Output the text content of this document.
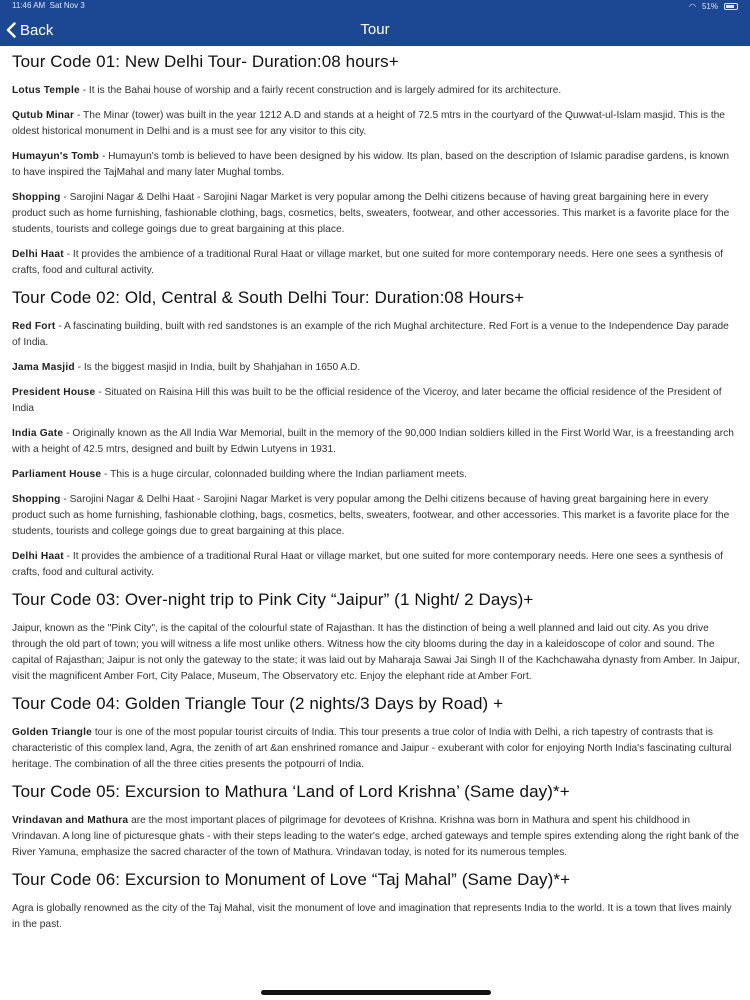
11:46 AM Sat Nov 3	◠ 51%
Back	Tour
Tour Code 01: New Delhi Tour- Duration:08 hours+

Lotus Temple - It is the Bahai house of worship and a fairly recent construction and is largely admired for its architecture.

Qutub Minar - The Minar (tower) was built in the year 1212 A.D and stands at a height of 72.5 mtrs in the courtyard of the Quwwat-ul-Islam masjid. This is the oldest historical monument in Delhi and is a must see for any visitor to this city.

Humayun's Tomb - Humayun's tomb is believed to have been designed by his widow. Its plan, based on the description of Islamic paradise gardens, is known to have inspired the TajMahal and many later Mughal tombs.

Shopping - Sarojini Nagar & Delhi Haat - Sarojini Nagar Market is very popular among the Delhi citizens because of having great bargaining here in every product such as home furnishing, fashionable clothing, bags, cosmetics, belts, sweaters, footwear, and other accessories. This market is a favorite place for the students, tourists and college goings due to great bargaining at this place.

Delhi Haat - It provides the ambience of a traditional Rural Haat or village market, but one suited for more contemporary needs. Here one sees a synthesis of crafts, food and cultural activity.

Tour Code 02: Old, Central & South Delhi Tour: Duration:08 Hours+

Red Fort - A fascinating building, built with red sandstones is an example of the rich Mughal architecture. Red Fort is a venue to the Independence Day parade of India.

Jama Masjid - Is the biggest masjid in India, built by Shahjahan in 1650 A.D.

President House - Situated on Raisina Hill this was built to be the official residence of the Viceroy, and later became the official residence of the President of India

India Gate - Originally known as the All India War Memorial, built in the memory of the 90,000 Indian soldiers killed in the First World War, is a freestanding arch with a height of 42.5 mtrs, designed and built by Edwin Lutyens in 1931.

Parliament House - This is a huge circular, colonnaded building where the Indian parliament meets.

Shopping - Sarojini Nagar & Delhi Haat - Sarojini Nagar Market is very popular among the Delhi citizens because of having great bargaining here in every product such as home furnishing, fashionable clothing, bags, cosmetics, belts, sweaters, footwear, and other accessories. This market is a favorite place for the students, tourists and college goings due to great bargaining at this place.

Delhi Haat - It provides the ambience of a traditional Rural Haat or village market, but one suited for more contemporary needs. Here one sees a synthesis of crafts, food and cultural activity.

Tour Code 03: Over-night trip to Pink City “Jaipur” (1 Night/ 2 Days)+

Jaipur, known as the "Pink City", is the capital of the colourful state of Rajasthan. It has the distinction of being a well planned and laid out city. As you drive through the old part of town; you will witness a life most unlike others. Witness how the city blooms during the day in a kaleidoscope of color and sound. The capital of Rajasthan; Jaipur is not only the gateway to the state; it was laid out by Maharaja Sawai Jai Singh II of the Kachchawaha dynasty from Amber. In Jaipur, visit the magnificent Amber Fort, City Palace, Museum, The Observatory etc. Enjoy the elephant ride at Amber Fort.

Tour Code 04: Golden Triangle Tour (2 nights/3 Days by Road) +

Golden Triangle tour is one of the most popular tourist circuits of India. This tour presents a true color of India with Delhi, a rich tapestry of contrasts that is characteristic of this complex land, Agra, the zenith of art &an enshrined romance and Jaipur - exuberant with color for enjoying North India's fascinating cultural heritage. The combination of all the three cities presents the potpourri of India.

Tour Code 05: Excursion to Mathura ‘Land of Lord Krishna’ (Same day)*+

Vrindavan and Mathura are the most important places of pilgrimage for devotees of Krishna. Krishna was born in Mathura and spent his childhood in Vrindavan. A long line of picturesque ghats - with their steps leading to the water's edge, arched gateways and temple spires extending along the right bank of the River Yamuna, emphasize the sacred character of the town of Mathura. Vrindavan today, is noted for its numerous temples.

Tour Code 06: Excursion to Monument of Love “Taj Mahal” (Same Day)*+

Agra is globally renowned as the city of the Taj Mahal, visit the monument of love and imagination that represents India to the world. It is a town that lives mainly in the past.
